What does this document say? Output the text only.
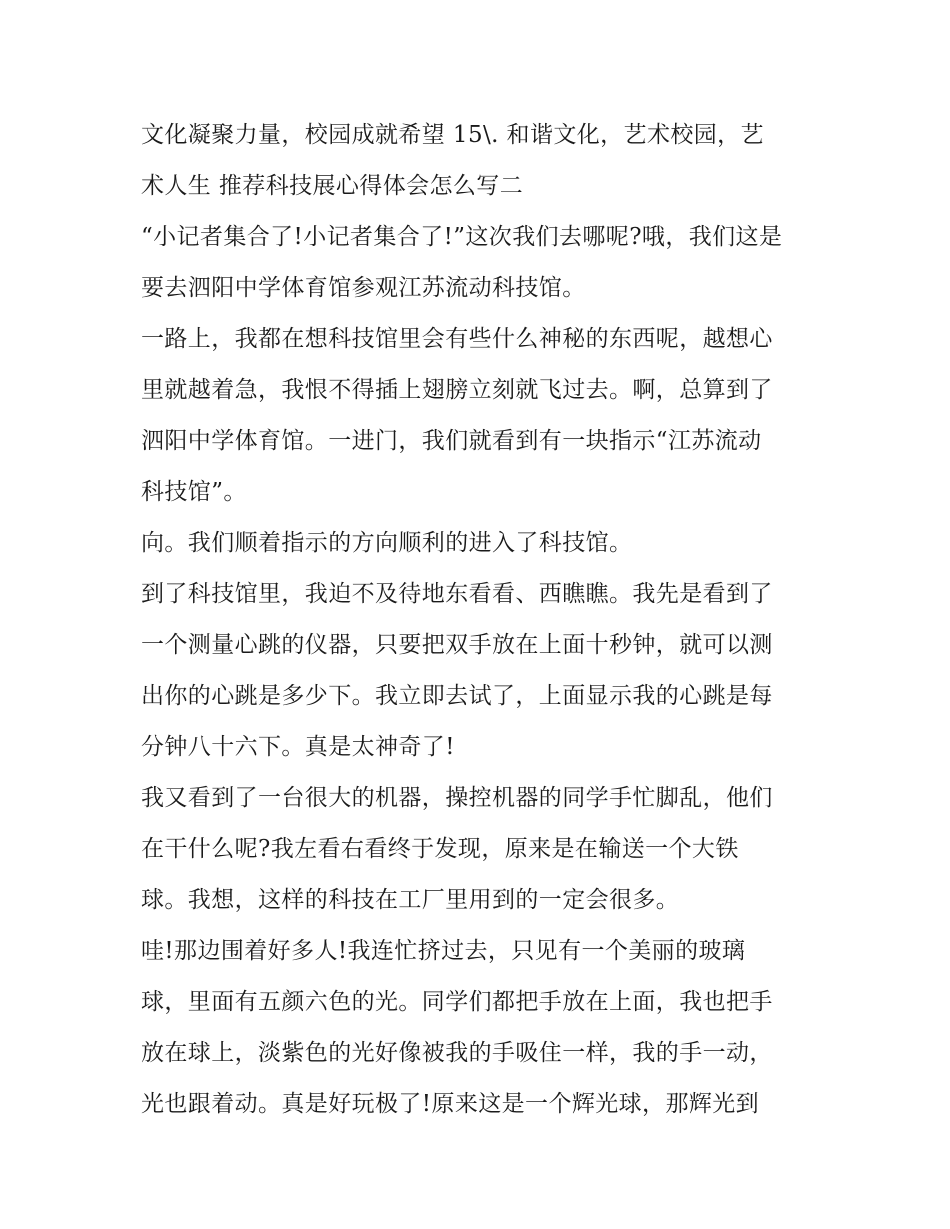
文化凝聚力量，校园成就希望 15\. 和谐文化，艺术校园，艺
术人生 推荐科技展心得体会怎么写二
“小记者集合了!小记者集合了!”这次我们去哪呢?哦，我们这是
要去泗阳中学体育馆参观江苏流动科技馆。
一路上，我都在想科技馆里会有些什么神秘的东西呢，越想心
里就越着急，我恨不得插上翅膀立刻就飞过去。啊，总算到了
泗阳中学体育馆。一进门，我们就看到有一块指示“江苏流动
科技馆”。
向。我们顺着指示的方向顺利的进入了科技馆。
到了科技馆里，我迫不及待地东看看、西瞧瞧。我先是看到了
一个测量心跳的仪器，只要把双手放在上面十秒钟，就可以测
出你的心跳是多少下。我立即去试了，上面显示我的心跳是每
分钟八十六下。真是太神奇了!
我又看到了一台很大的机器，操控机器的同学手忙脚乱，他们
在干什么呢?我左看右看终于发现，原来是在输送一个大铁
球。我想，这样的科技在工厂里用到的一定会很多。
哇!那边围着好多人!我连忙挤过去，只见有一个美丽的玻璃
球，里面有五颜六色的光。同学们都把手放在上面，我也把手
放在球上，淡紫色的光好像被我的手吸住一样，我的手一动，
光也跟着动。真是好玩极了!原来这是一个辉光球，那辉光到
